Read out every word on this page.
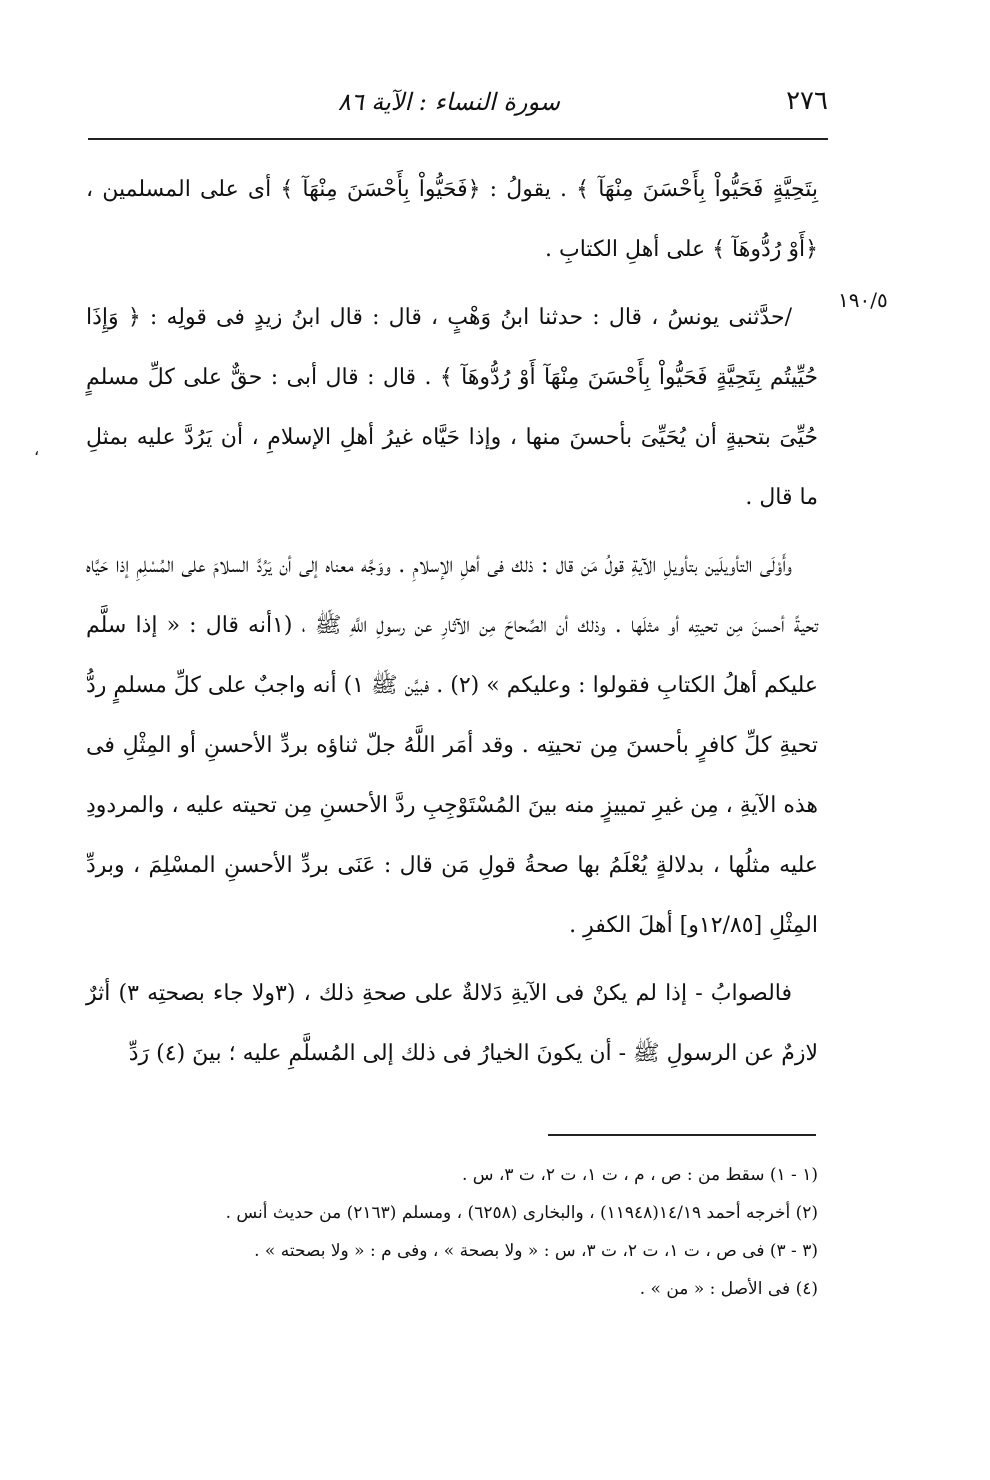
٢٧٦
سورة النساء : الآية ٨٦
١٩٠/٥
،

بِتَحِيَّةٍ فَحَيُّواْ بِأَحْسَنَ مِنْهَآ ﴾ . يقولُ : ﴿فَحَيُّواْ بِأَحْسَنَ مِنْهَآ ﴾ أى على المسلمين ، ﴿أَوْ رُدُّوهَآ ﴾ على أهلِ الكتابِ .

/حدَّثنى يونسُ ، قال : حدثنا ابنُ وَهْبٍ ، قال : قال ابنُ زيدٍ فى قولِه : ﴿ وَإِذَا حُيِّيتُم بِتَحِيَّةٍ فَحَيُّواْ بِأَحْسَنَ مِنْهَآ أَوْ رُدُّوهَآ ﴾ . قال : قال أبى : حقٌّ على كلِّ مسلمٍ حُيِّىَ بتحيةٍ أن يُحَيِّىَ بأحسنَ منها ، وإذا حَيَّاه غيرُ أهلِ الإسلامِ ، أن يَرُدَّ عليه بمثلِ ما قال .

وأَوْلَى التأويلَين بتأويلِ الآيةِ قولُ مَن قال : ذلك فى أهلِ الإسلامِ . ووَجَّه معناه إلى أن يَرُدَّ السلامَ على المُسْلِمِ إذا حَيَّاه تحيةً أحسنَ مِن تحيتِه أو مثلَها . وذلك أن الصِّحاحَ مِن الآثارِ عن رسولِ اللَّهِ ﷺ ، (١أنه قال : « إذا سلَّم عليكم أهلُ الكتابِ فقولوا : وعليكم » (٢) . فبيَّن ﷺ ١) أنه واجبٌ على كلِّ مسلمٍ ردُّ تحيةِ كلِّ كافرٍ بأحسنَ مِن تحيتِه . وقد أمَر اللَّهُ جلّ ثناؤه بردِّ الأحسنِ أو المِثْلِ فى هذه الآيةِ ، مِن غيرِ تمييزٍ منه بينَ المُسْتَوْجِبِ ردَّ الأحسنِ مِن تحيته عليه ، والمردودِ عليه مثلُها ، بدلالةٍ يُعْلَمُ بها صحةُ قولِ مَن قال : عَنَى بردِّ الأحسنِ المسْلِمَ ، وبردِّ المِثْلِ [١٢/٨٥و] أهلَ الكفرِ .

فالصوابُ - إذا لم يكنْ فى الآيةِ دَلالةٌ على صحةِ ذلك ، (٣ولا جاء بصحتِه ٣) أثرٌ لازمٌ عن الرسولِ ﷺ - أن يكونَ الخيارُ فى ذلك إلى المُسلَّمِ عليه ؛ بينَ (٤) رَدِّ

(١ - ١) سقط من : ص ، م ، ت ١، ت ٢، ت ٣، س .

(٢) أخرجه أحمد ١٤/١٩(١١٩٤٨) ، والبخارى (٦٢٥٨) ، ومسلم (٢١٦٣) من حديث أنس .

(٣ - ٣) فى ص ، ت ١، ت ٢، ت ٣، س : « ولا بصحة » ، وفى م : « ولا بصحته » .

(٤) فى الأصل : « من » .
